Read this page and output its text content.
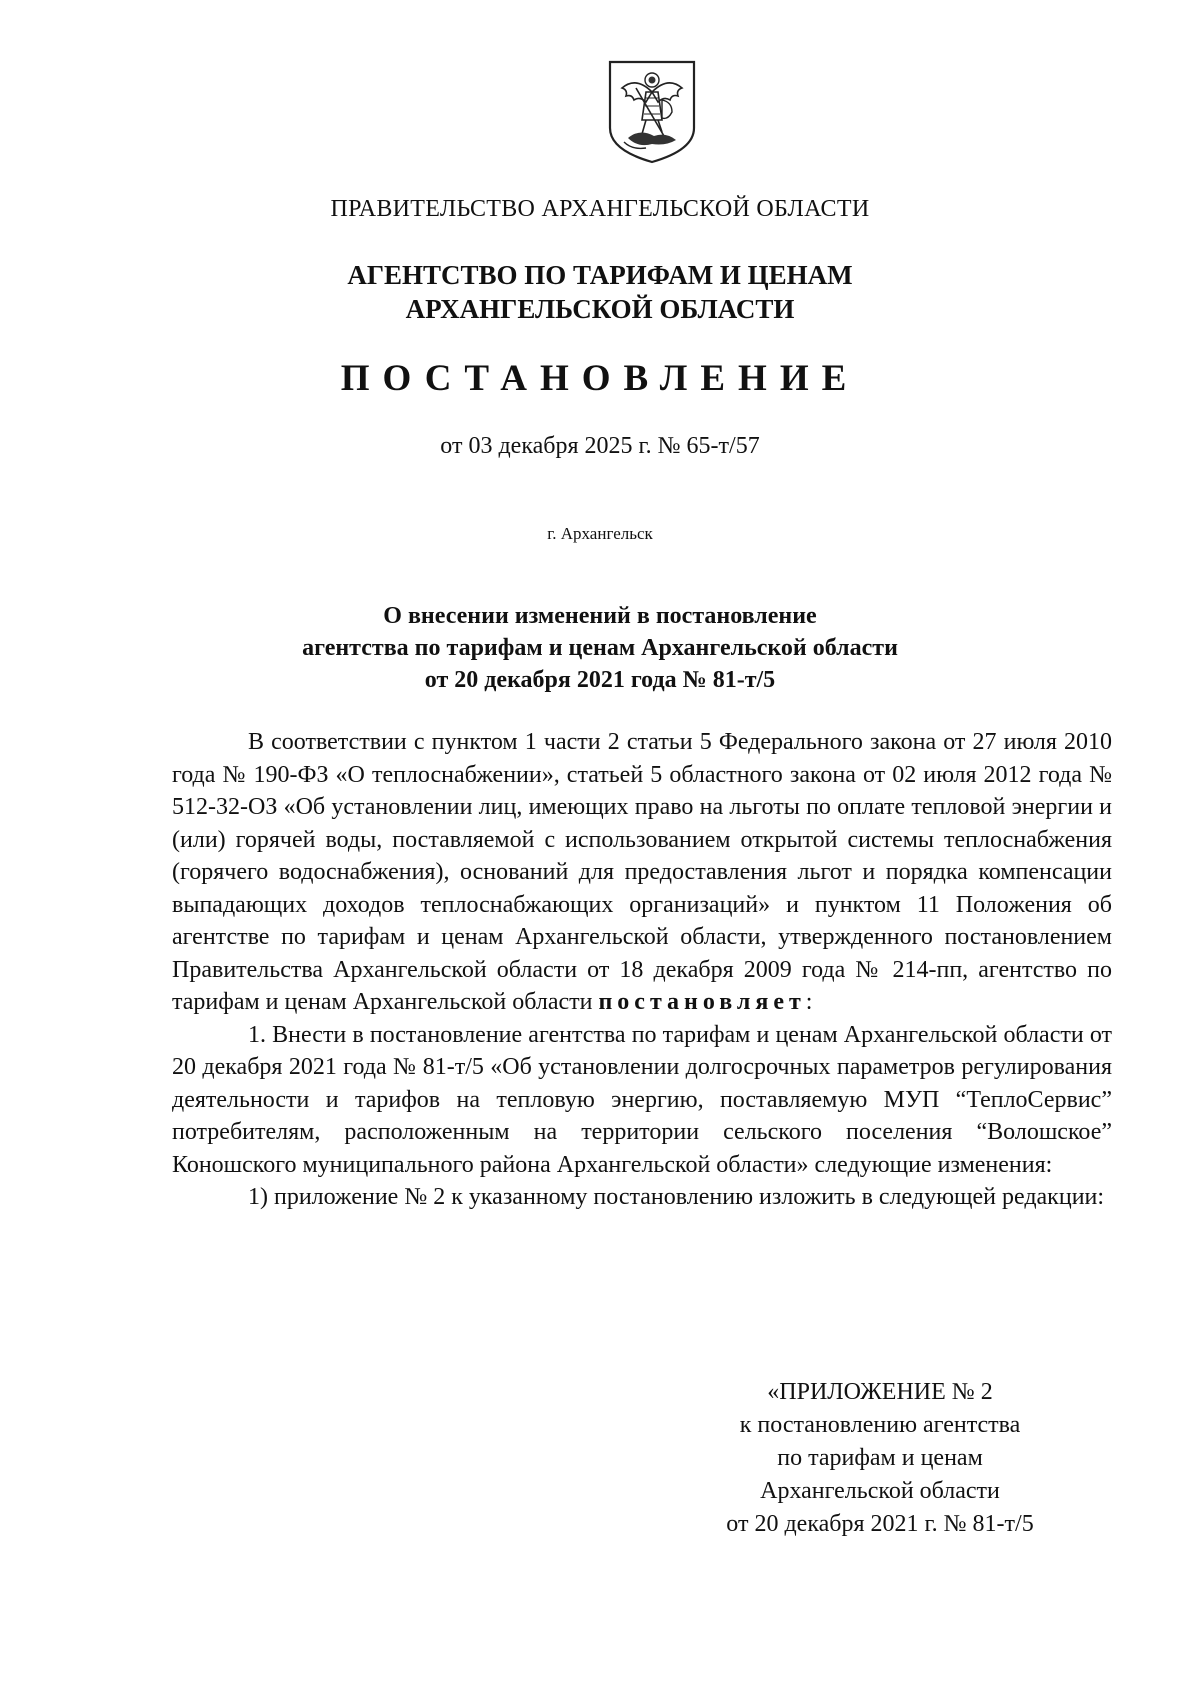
ПРАВИТЕЛЬСТВО АРХАНГЕЛЬСКОЙ ОБЛАСТИ
АГЕНТСТВО ПО ТАРИФАМ И ЦЕНАМ
АРХАНГЕЛЬСКОЙ ОБЛАСТИ
ПОСТАНОВЛЕНИЕ
от 03 декабря 2025 г. № 65-т/57
г. Архангельск
О внесении изменений в постановление
агентства по тарифам и ценам Архангельской области
от 20 декабря 2021 года № 81-т/5

В соответствии с пунктом 1 части 2 статьи 5 Федерального закона от 27 июля 2010 года № 190-ФЗ «О теплоснабжении», статьей 5 областного закона от 02 июля 2012 года № 512-32-ОЗ «Об установлении лиц, имеющих право на льготы по оплате тепловой энергии и (или) горячей воды, поставляемой с использованием открытой системы теплоснабжения (горячего водоснабжения), оснований для предоставления льгот и порядка компенсации выпадающих доходов теплоснабжающих организаций» и пунктом 11 Положения об агентстве по тарифам и ценам Архангельской области, утвержденного постановлением Правительства Архангельской области от 18 декабря 2009 года № 214-пп, агентство по тарифам и ценам Архангельской области постановляет:

1. Внести в постановление агентства по тарифам и ценам Архангельской области от 20 декабря 2021 года № 81-т/5 «Об установлении долгосрочных параметров регулирования деятельности и тарифов на тепловую энергию, поставляемую МУП “ТеплоСервис” потребителям, расположенным на территории сельского поселения “Волошское” Коношского муниципального района Архангельской области» следующие изменения:

1) приложение № 2 к указанному постановлению изложить в следующей редакции:

«ПРИЛОЖЕНИЕ № 2
к постановлению агентства
по тарифам и ценам
Архангельской области
от 20 декабря 2021 г. № 81-т/5
